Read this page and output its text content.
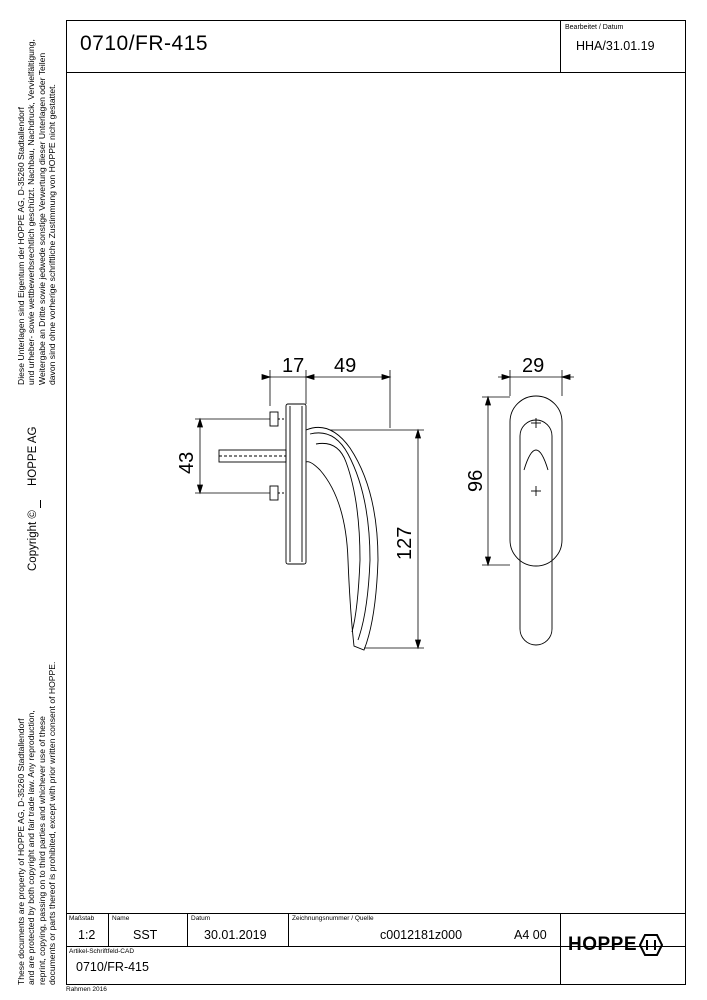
0710/FR-415
Bearbeitet / Datum
HHA/31.01.19
Diese Unterlagen sind Eigentum der HOPPE AG, D-35260 Stadtallendorf und urheber- sowie wettbewerbsrechtlich geschützt. Nachbau, Nachdruck, Vervielfältigung, Weitergabe an Dritte sowie jedwede sonstige Verwertung dieser Unterlagen oder Teilen davon sind ohne vorherige schriftliche Zustimmung von HOPPE nicht gestattet.
HOPPE AG
Copyright ©
These documents are property of HOPPE AG, D-35260 Stadtallendorf and are protected by both copyright and fair trade law. Any reproduction, reprint, copying, passing on to third parties and whichever use of these documents or parts thereof is prohibited, except with prior written consent of HOPPE.
17 49	29
43
127
96
Maßstab
1:2
Name
SST
Datum
30.01.2019
Zeichnungsnummer / Quelle
c0012181z000	A4 00
Artikel-Schriftfeld-CAD
0710/FR-415
HOPPE
Rahmen 2016
